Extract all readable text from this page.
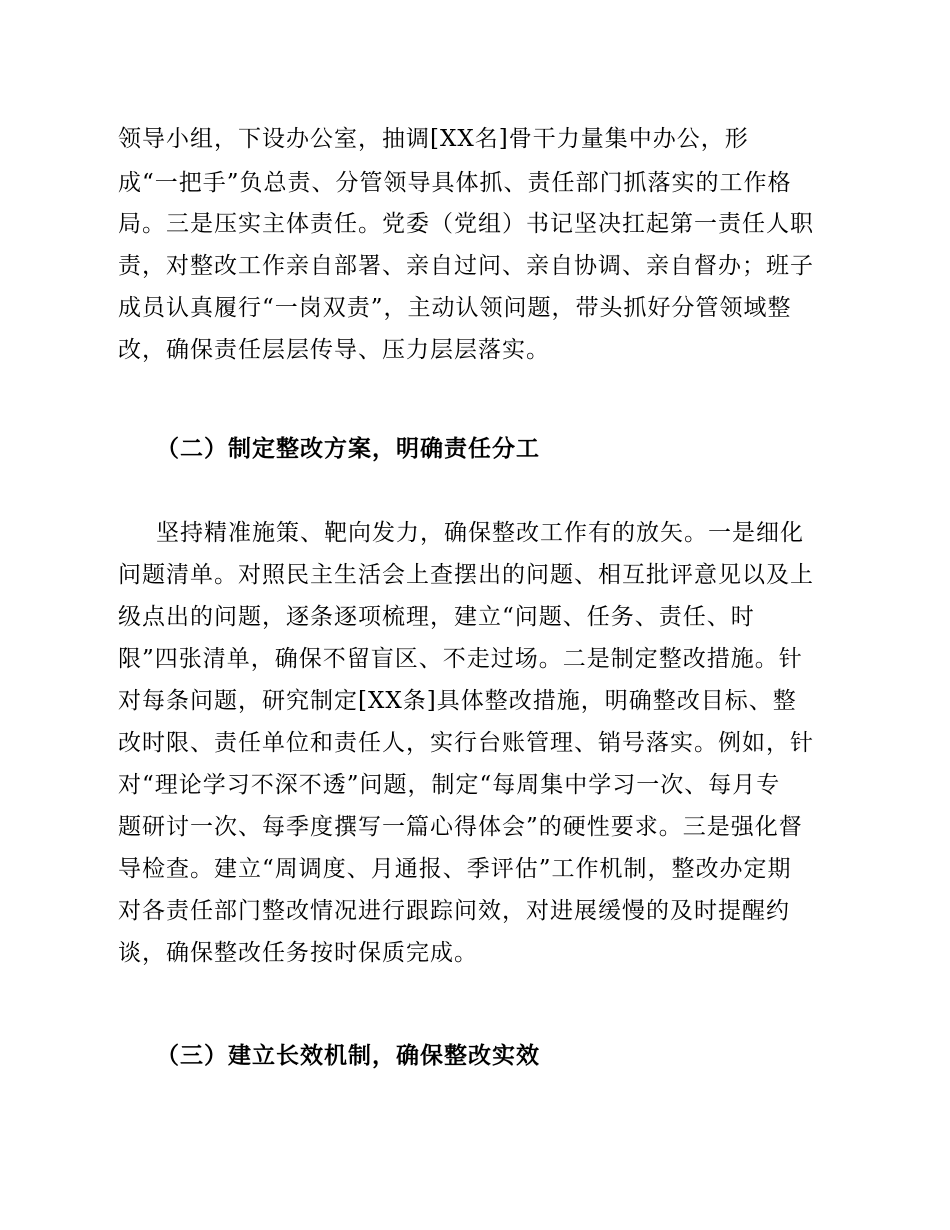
领导小组，下设办公室，抽调[XX名]骨干力量集中办公，形
成“一把手”负总责、分管领导具体抓、责任部门抓落实的工作格
局。三是压实主体责任。党委（党组）书记坚决扛起第一责任人职
责，对整改工作亲自部署、亲自过问、亲自协调、亲自督办；班子
成员认真履行“一岗双责”，主动认领问题，带头抓好分管领域整
改，确保责任层层传导、压力层层落实。
（二）制定整改方案，明确责任分工
坚持精准施策、靶向发力，确保整改工作有的放矢。一是细化
问题清单。对照民主生活会上查摆出的问题、相互批评意见以及上
级点出的问题，逐条逐项梳理，建立“问题、任务、责任、时
限”四张清单，确保不留盲区、不走过场。二是制定整改措施。针
对每条问题，研究制定[XX条]具体整改措施，明确整改目标、整
改时限、责任单位和责任人，实行台账管理、销号落实。例如，针
对“理论学习不深不透”问题，制定“每周集中学习一次、每月专
题研讨一次、每季度撰写一篇心得体会”的硬性要求。三是强化督
导检查。建立“周调度、月通报、季评估”工作机制，整改办定期
对各责任部门整改情况进行跟踪问效，对进展缓慢的及时提醒约
谈，确保整改任务按时保质完成。
（三）建立长效机制，确保整改实效
